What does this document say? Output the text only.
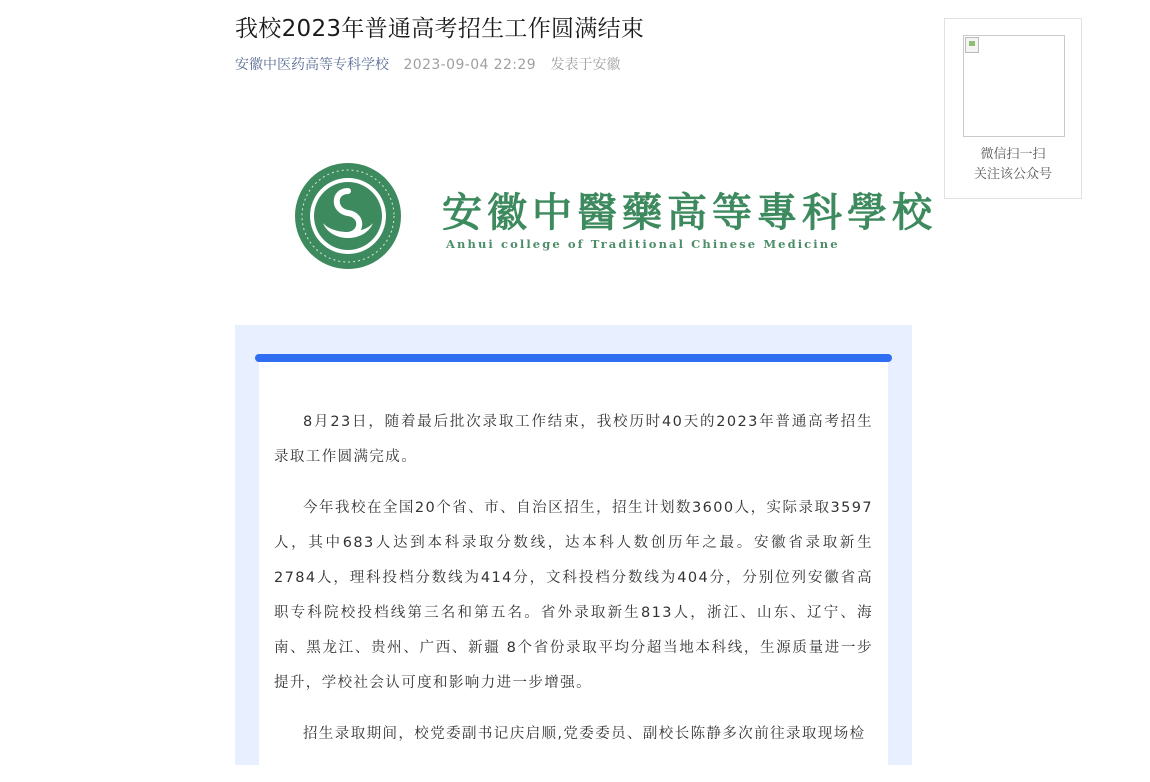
我校2023年普通高考招生工作圆满结束
安徽中医药高等专科学校 2023-09-04 22:29 发表于安徽
微信扫一扫
关注该公众号
安徽中醫藥高等專科學校
Anhui college of Traditional Chinese Medicine

8月23日，随着最后批次录取工作结束，我校历时40天的2023年普通高考招生录取工作圆满完成。

今年我校在全国20个省、市、自治区招生，招生计划数3600人，实际录取3597人，其中683人达到本科录取分数线，达本科人数创历年之最。安徽省录取新生2784人，理科投档分数线为414分，文科投档分数线为404分，分别位列安徽省高职专科院校投档线第三名和第五名。省外录取新生813人，浙江、山东、辽宁、海南、黑龙江、贵州、广西、新疆 8个省份录取平均分超当地本科线，生源质量进一步提升，学校社会认可度和影响力进一步增强。

招生录取期间，校党委副书记庆启顺,党委委员、副校长陈静多次前往录取现场检
